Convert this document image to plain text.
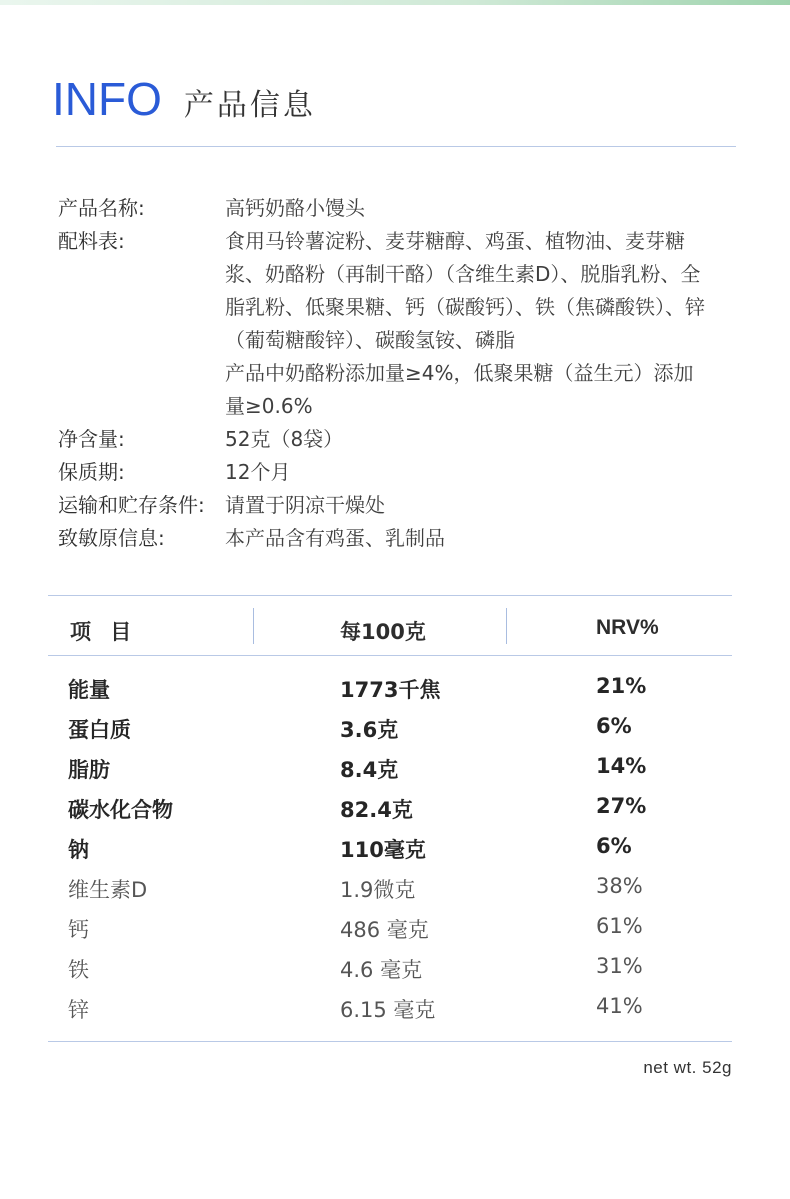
INFO 产品信息
产品名称:	高钙奶酪小馒头
配料表:	食用马铃薯淀粉、麦芽糖醇、鸡蛋、植物油、麦芽糖
浆、奶酪粉（再制干酪）（含维生素D）、脱脂乳粉、全
脂乳粉、低聚果糖、钙（碳酸钙）、铁（焦磷酸铁）、锌
（葡萄糖酸锌）、碳酸氢铵、磷脂
产品中奶酪粉添加量≥4%，低聚果糖（益生元）添加
量≥0.6%
净含量:	52克（8袋）
保质期:	12个月
运输和贮存条件:	请置于阴凉干燥处
致敏原信息:	本产品含有鸡蛋、乳制品
项 目	每100克	NRV%
能量	1773千焦	21%
蛋白质	3.6克	6%
脂肪	8.4克	14%
碳水化合物	82.4克	27%
钠	110毫克	6%
维生素D	1.9微克	38%
钙	486 毫克	61%
铁	4.6 毫克	31%
锌	6.15 毫克	41%
net wt. 52g
